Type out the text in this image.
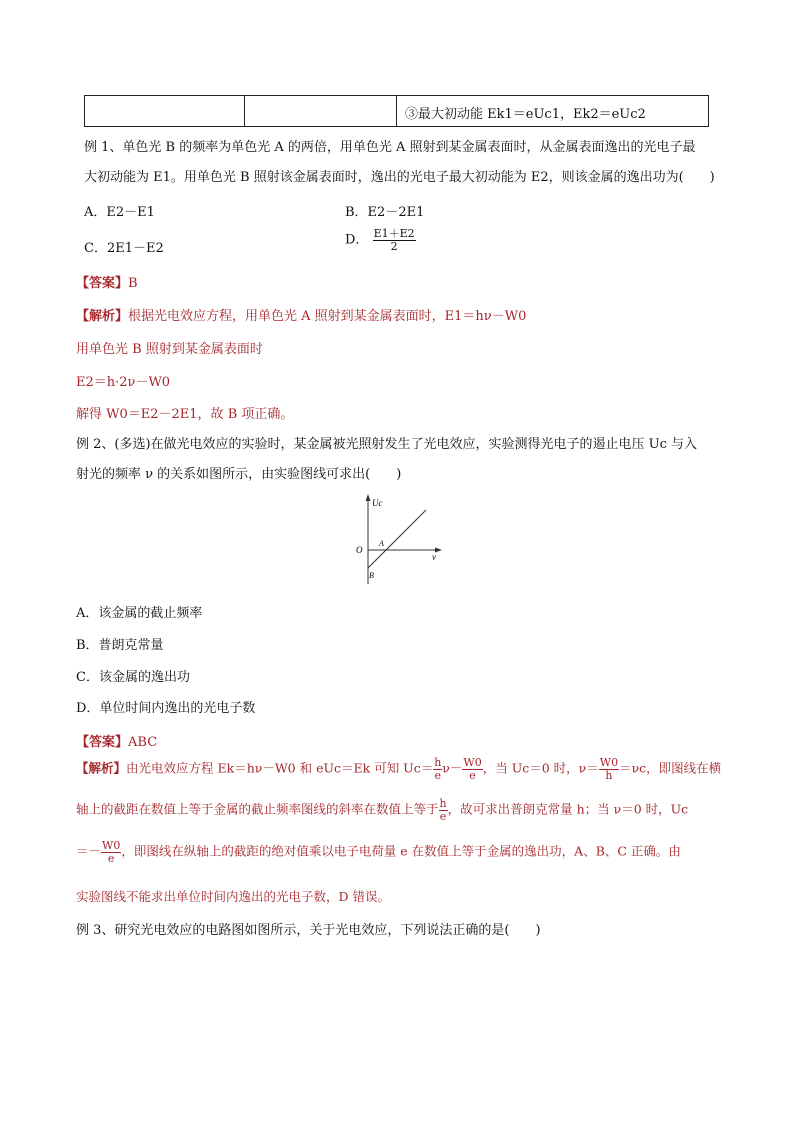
③最大初动能 Ek1＝eUc1，Ek2＝eUc2
例 1、单色光 B 的频率为单色光 A 的两倍，用单色光 A 照射到某金属表面时，从金属表面逸出的光电子最
大初动能为 E1。用单色光 B 照射该金属表面时，逸出的光电子最大初动能为 E2，则该金属的逸出功为(　　)
A．E2－E1	B．E2－2E1
C．2E1－E2
D． $\frac{E1+E2}{2}$
【答案】B
【解析】根据光电效应方程，用单色光 A 照射到某金属表面时，E1＝hν－W0
用单色光 B 照射到某金属表面时
E2＝h·2ν－W0
解得 W0＝E2－2E1，故 B 项正确。
例 2、(多选)在做光电效应的实验时，某金属被光照射发生了光电效应，实验测得光电子的遏止电压 Uc 与入
射光的频率 ν 的关系如图所示，由实验图线可求出(　　)
Uc
ν
O
A
B
A．该金属的截止频率
B．普朗克常量
C．该金属的逸出功
D．单位时间内逸出的光电子数
【答案】ABC
【解析】由光电效应方程 Ek＝hν－W0 和 eUc＝Ek 可知 $Uc= \frac{h}{e} \nu- \frac{W0}{e}$ ，当 Uc＝0 时，$\nu= \frac{W0}{h} =\nu c$，即图线在横
轴上的截距在数值上等于金属的截止频率图线的斜率在数值上等于 $\frac{h}{e}$ ，故可求出普朗克常量 h；当 ν＝0 时，Uc
＝－ $\frac{W0}{e}$ ，即图线在纵轴上的截距的绝对值乘以电子电荷量 e 在数值上等于金属的逸出功，A、B、C 正确。由
实验图线不能求出单位时间内逸出的光电子数，D 错误。
例 3、研究光电效应的电路图如图所示，关于光电效应，下列说法正确的是(　　)
